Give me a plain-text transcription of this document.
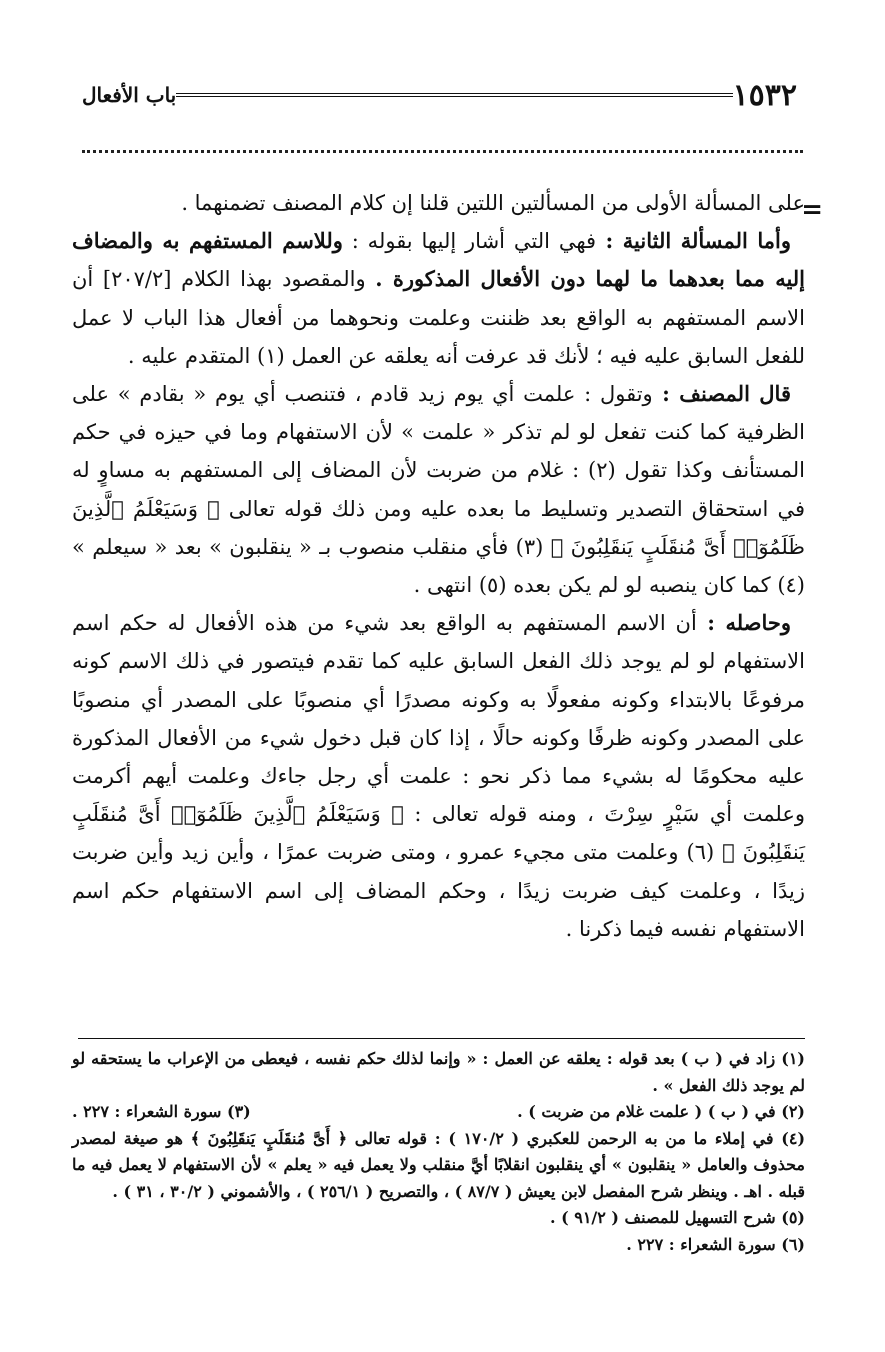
١٥٣٢
باب الأفعال
=

على المسألة الأولى من المسألتين اللتين قلنا إن كلام المصنف تضمنهما .

وأما المسألة الثانية : فهي التي أشار إليها بقوله : وللاسم المستفهم به والمضاف إليه مما بعدهما ما لهما دون الأفعال المذكورة . والمقصود بهذا الكلام [٢٠٧/٢] أن الاسم المستفهم به الواقع بعد ظننت وعلمت ونحوهما من أفعال هذا الباب لا عمل للفعل السابق عليه فيه ؛ لأنك قد عرفت أنه يعلقه عن العمل (١) المتقدم عليه .

قال المصنف : وتقول : علمت أي يوم زيد قادم ، فتنصب أي يوم « بقادم » على الظرفية كما كنت تفعل لو لم تذكر « علمت » لأن الاستفهام وما في حيزه في حكم المستأنف وكذا تقول (٢) : غلام من ضربت لأن المضاف إلى المستفهم به مساوٍ له في استحقاق التصدير وتسليط ما بعده عليه ومن ذلك قوله تعالى ﴿ وَسَيَعْلَمُ ٱلَّذِينَ ظَلَمُوٓا۟ أَىَّ مُنقَلَبٍ يَنقَلِبُونَ ﴾ (٣) فأي منقلب منصوب بـ « ينقلبون » بعد « سيعلم » (٤) كما كان ينصبه لو لم يكن بعده (٥) انتهى .

وحاصله : أن الاسم المستفهم به الواقع بعد شيء من هذه الأفعال له حكم اسم الاستفهام لو لم يوجد ذلك الفعل السابق عليه كما تقدم فيتصور في ذلك الاسم كونه مرفوعًا بالابتداء وكونه مفعولًا به وكونه مصدرًا أي منصوبًا على المصدر أي منصوبًا على المصدر وكونه ظرفًا وكونه حالًا ، إذا كان قبل دخول شيء من الأفعال المذكورة عليه محكومًا له بشيء مما ذكر نحو : علمت أي رجل جاءك وعلمت أيهم أكرمت وعلمت أي سَيْرٍ سِرْتَ ، ومنه قوله تعالى : ﴿ وَسَيَعْلَمُ ٱلَّذِينَ ظَلَمُوٓا۟ أَىَّ مُنقَلَبٍ يَنقَلِبُونَ ﴾ (٦) وعلمت متى مجيء عمرو ، ومتى ضربت عمرًا ، وأين زيد وأين ضربت زيدًا ، وعلمت كيف ضربت زيدًا ، وحكم المضاف إلى اسم الاستفهام حكم اسم الاستفهام نفسه فيما ذكرنا .

(١) زاد في ( ب ) بعد قوله : يعلقه عن العمل : « وإنما لذلك حكم نفسه ، فيعطى من الإعراب ما يستحقه لو لم يوجد ذلك الفعل » .

(٢) في ( ب ) ( علمت غلام من ضربت ) .
(٣) سورة الشعراء : ٢٢٧ .

(٤) في إملاء ما من به الرحمن للعكبري ( ١٧٠/٢ ) : قوله تعالى ﴿ أَىَّ مُنقَلَبٍ يَنقَلِبُونَ ﴾ هو صيغة لمصدر محذوف والعامل « ينقلبون » أي ينقلبون انقلابًا أيَّ منقلب ولا يعمل فيه « يعلم » لأن الاستفهام لا يعمل فيه ما قبله . اهـ . وينظر شرح المفصل لابن يعيش ( ٨٧/٧ ) ، والتصريح ( ٢٥٦/١ ) ، والأشموني ( ٣٠/٢ ، ٣١ ) .

(٥) شرح التسهيل للمصنف ( ٩١/٢ ) .

(٦) سورة الشعراء : ٢٢٧ .
